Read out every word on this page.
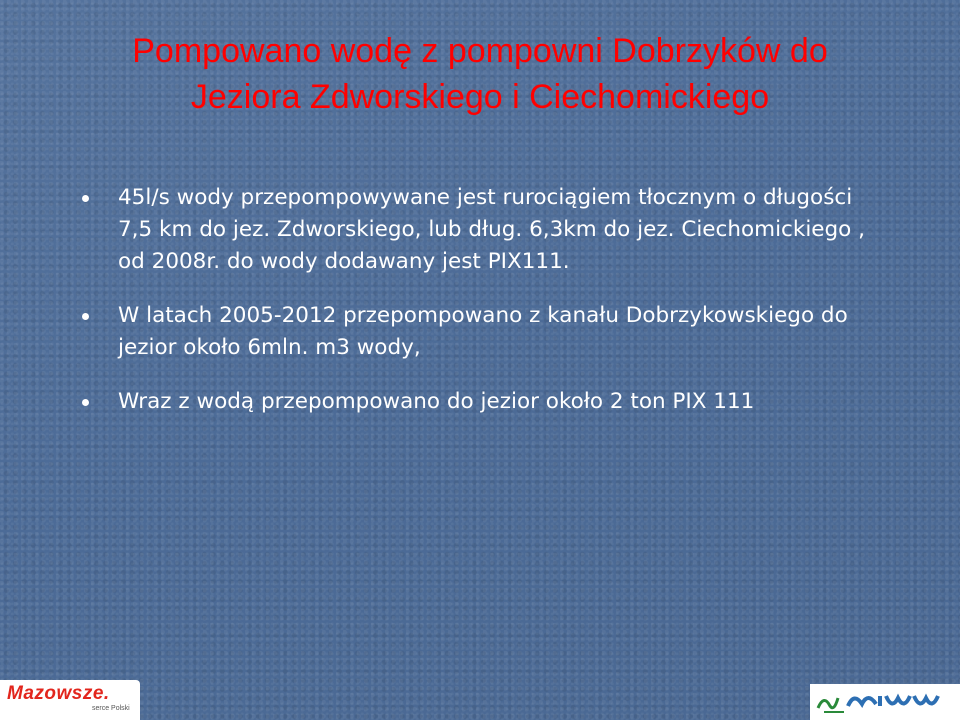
Pompowano wodę z pompowni Dobrzyków do
Jeziora Zdworskiego i Ciechomickiego
45l/s wody przepompowywane jest rurociągiem tłocznym o długości
7,5 km do jez. Zdworskiego, lub dług. 6,3km do jez. Ciechomickiego ,
od 2008r. do wody dodawany jest PIX111.
W latach 2005-2012 przepompowano z kanału Dobrzykowskiego do
jezior około 6mln. m3 wody,
Wraz z wodą przepompowano do jezior około 2 ton PIX 111
Mazowsze.
serce Polski
